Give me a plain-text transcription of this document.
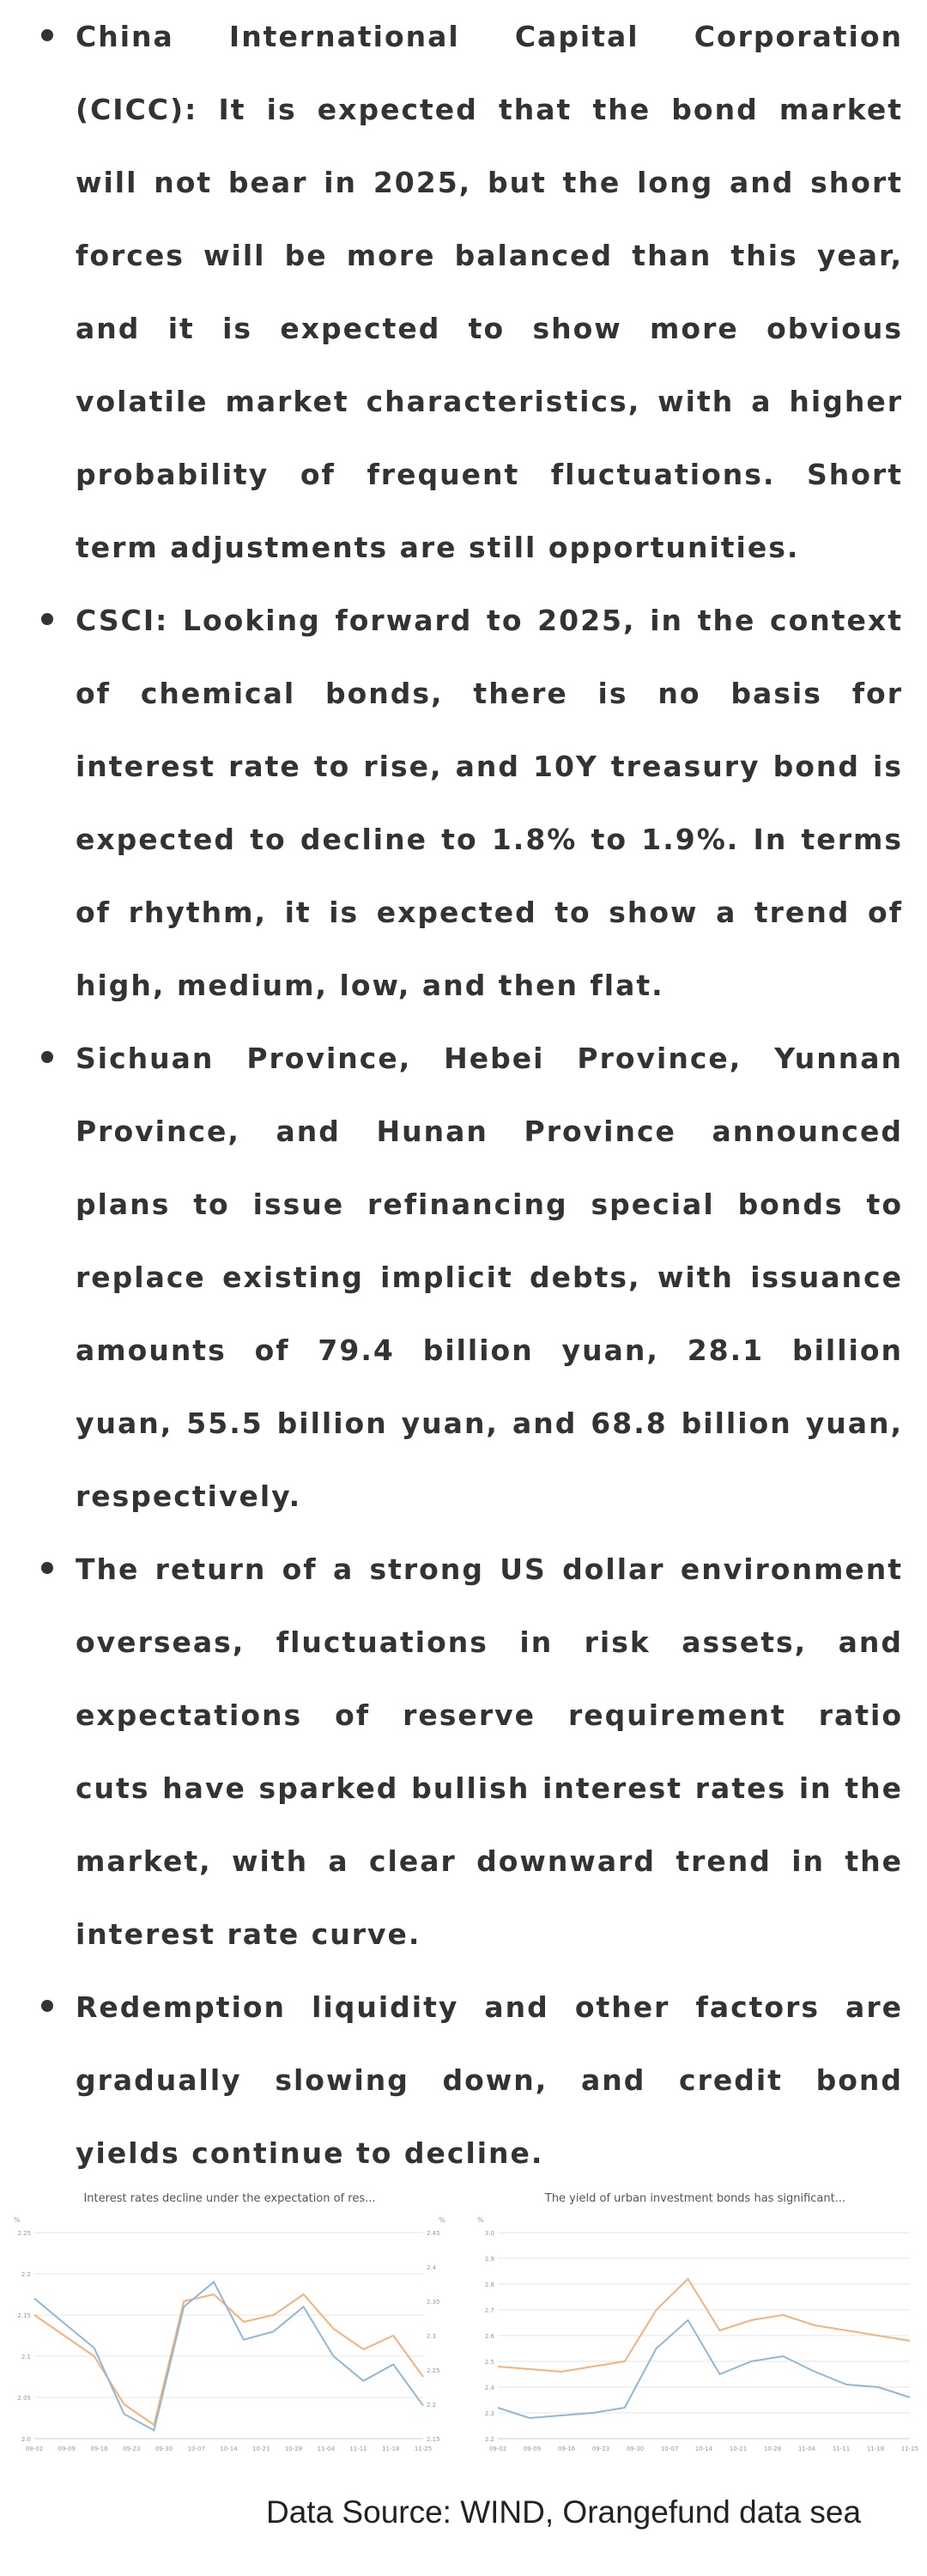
China International Capital Corporation (CICC): It is expected that the bond market will not bear in 2025, but the long and short forces will be more balanced than this year, and it is expected to show more obvious volatile market characteristics, with a higher probability of frequent fluctuations. Short term adjustments are still opportunities.
CSCI: Looking forward to 2025, in the context of chemical bonds, there is no basis for interest rate to rise, and 10Y treasury bond is expected to decline to 1.8% to 1.9%. In terms of rhythm, it is expected to show a trend of high, medium, low, and then flat.
Sichuan Province, Hebei Province, Yunnan Province, and Hunan Province announced plans to issue refinancing special bonds to replace existing implicit debts, with issuance amounts of 79.4 billion yuan, 28.1 billion yuan, 55.5 billion yuan, and 68.8 billion yuan, respectively.
The return of a strong US dollar environment overseas, fluctuations in risk assets, and expectations of reserve requirement ratio cuts have sparked bullish interest rates in the market, with a clear downward trend in the interest rate curve.
Redemption liquidity and other factors are gradually slowing down, and credit bond yields continue to decline.
Interest rates decline under the expectation of res...
%	%
2.0
2.05
2.1
2.15
2.2
2.25
2.15
2.2
2.25
2.3
2.35
2.4
2.45
09-02 09-09 09-16 09-23 09-30 10-07 10-14 10-21 10-28 11-04 11-11 11-18 11-25
The yield of urban investment bonds has significant...
%
2.2
2.3
2.4
2.5
2.6
2.7
2.8
2.9
3.0
09-02	09-09	09-16	09-23	09-30	10-07	10-14	10-21	10-28	11-04	11-11	11-18	11-25
Data Source: WIND, Orangefund data sea
